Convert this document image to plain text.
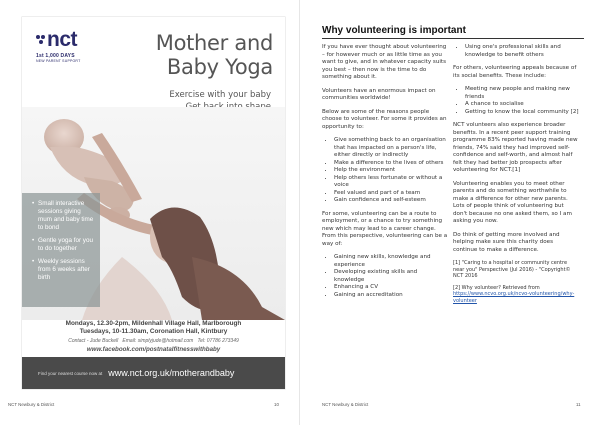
nct
1st 1,000 DAYS
NEW PARENT SUPPORT
Mother and
Baby Yoga
Exercise with your baby
• Small interactive sessions giving mum and baby time to bond
• Gentle yoga for you to do together
• Weekly sessions from 6 weeks after birth
Mondays, 12.30-2pm, Mildenhall Village Hall, Marlborough
Tuesdays, 10-11.30am, Coronation Hall, Kintbury
Contact - Jude Buckell Email: simplyjude@hotmail.com Tel: 07786 273349
www.facebook.com/postnatalfitnesswithbaby
Find your nearest course now at www.nct.org.uk/motherandbaby
Why volunteering is important

If you have ever thought about volunteering – for however much or as little time as you want to give, and in whatever capacity suits you best – then now is the time to do something about it.

Volunteers have an enormous impact on communities worldwide!

Below are some of the reasons people choose to volunteer. For some it provides an opportunity to:

• Give something back to an organisation that has impacted on a person's life, either directly or indirectly
• Make a difference to the lives of others
• Help the environment
• Help others less fortunate or without a voice
• Feel valued and part of a team
• Gain confidence and self-esteem

For some, volunteering can be a route to employment, or a chance to try something new which may lead to a career change. From this perspective, volunteering can be a way of:

• Gaining new skills, knowledge and experience
• Developing existing skills and knowledge
• Enhancing a CV
• Gaining an accreditation
• Using one's professional skills and knowledge to benefit others

For others, volunteering appeals because of its social benefits. These include:

• Meeting new people and making new friends
• A chance to socialise
• Getting to know the local community [2]

NCT volunteers also experience broader benefits. In a recent peer support training programme 83% reported having made new friends, 74% said they had improved self-confidence and self-worth, and almost half felt they had better job prospects after volunteering for NCT.[1]

Volunteering enables you to meet other parents and do something worthwhile to make a difference for other new parents. Lots of people think of volunteering but don't because no one asked them, so I am asking you now.

Do think of getting more involved and helping make sure this charity does continue to make a difference.

[1] "Caring to a hospital or community centre near you" Perspective (Jul 2016) - "Copyright© NCT 2016

[2] Why volunteer? Retrieved from
https://www.ncvo.org.uk/ncvo-volunteering/why-volunteer

NCT Newbury & District	10	NCT Newbury & District	11
